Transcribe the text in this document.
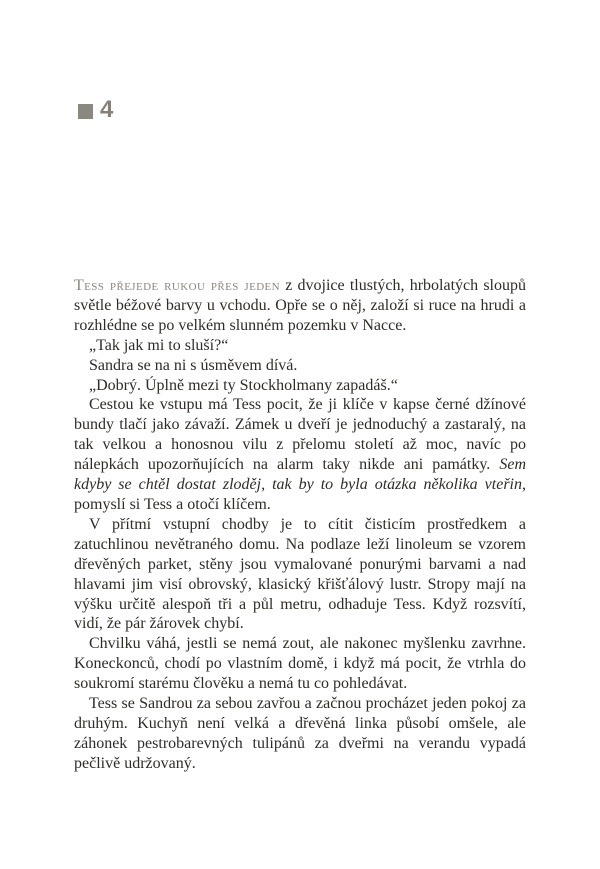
4

Tess přejede rukou přes jeden z dvojice tlustých, hrbolatých sloupů světle béžové barvy u vchodu. Opře se o něj, založí si ruce na hrudi a rozhlédne se po velkém slunném pozemku v Nacce.

„Tak jak mi to sluší?“

Sandra se na ni s úsměvem dívá.

„Dobrý. Úplně mezi ty Stockholmany zapadáš.“

Cestou ke vstupu má Tess pocit, že ji klíče v kapse černé džínové bundy tlačí jako závaží. Zámek u dveří je jednoduchý a zastaralý, na tak velkou a honosnou vilu z přelomu století až moc, navíc po nálepkách upozorňujících na alarm taky nikde ani památky. Sem kdyby se chtěl dostat zloděj, tak by to byla otázka několika vteřin, pomyslí si Tess a otočí klíčem.

V přítmí vstupní chodby je to cítit čisticím prostředkem a zatuchlinou nevětraného domu. Na podlaze leží linoleum se vzorem dřevěných parket, stěny jsou vymalované ponurými barvami a nad hlavami jim visí obrovský, klasický křišťálový lustr. Stropy mají na výšku určitě alespoň tři a půl metru, odhaduje Tess. Když rozsvítí, vidí, že pár žárovek chybí.

Chvilku váhá, jestli se nemá zout, ale nakonec myšlenku zavrhne. Koneckonců, chodí po vlastním domě, i když má pocit, že vtrhla do soukromí starému člověku a nemá tu co pohledávat.

Tess se Sandrou za sebou zavřou a začnou procházet jeden pokoj za druhým. Kuchyň není velká a dřevěná linka působí omšele, ale záhonek pestrobarevných tulipánů za dveřmi na verandu vypadá pečlivě udržovaný.
